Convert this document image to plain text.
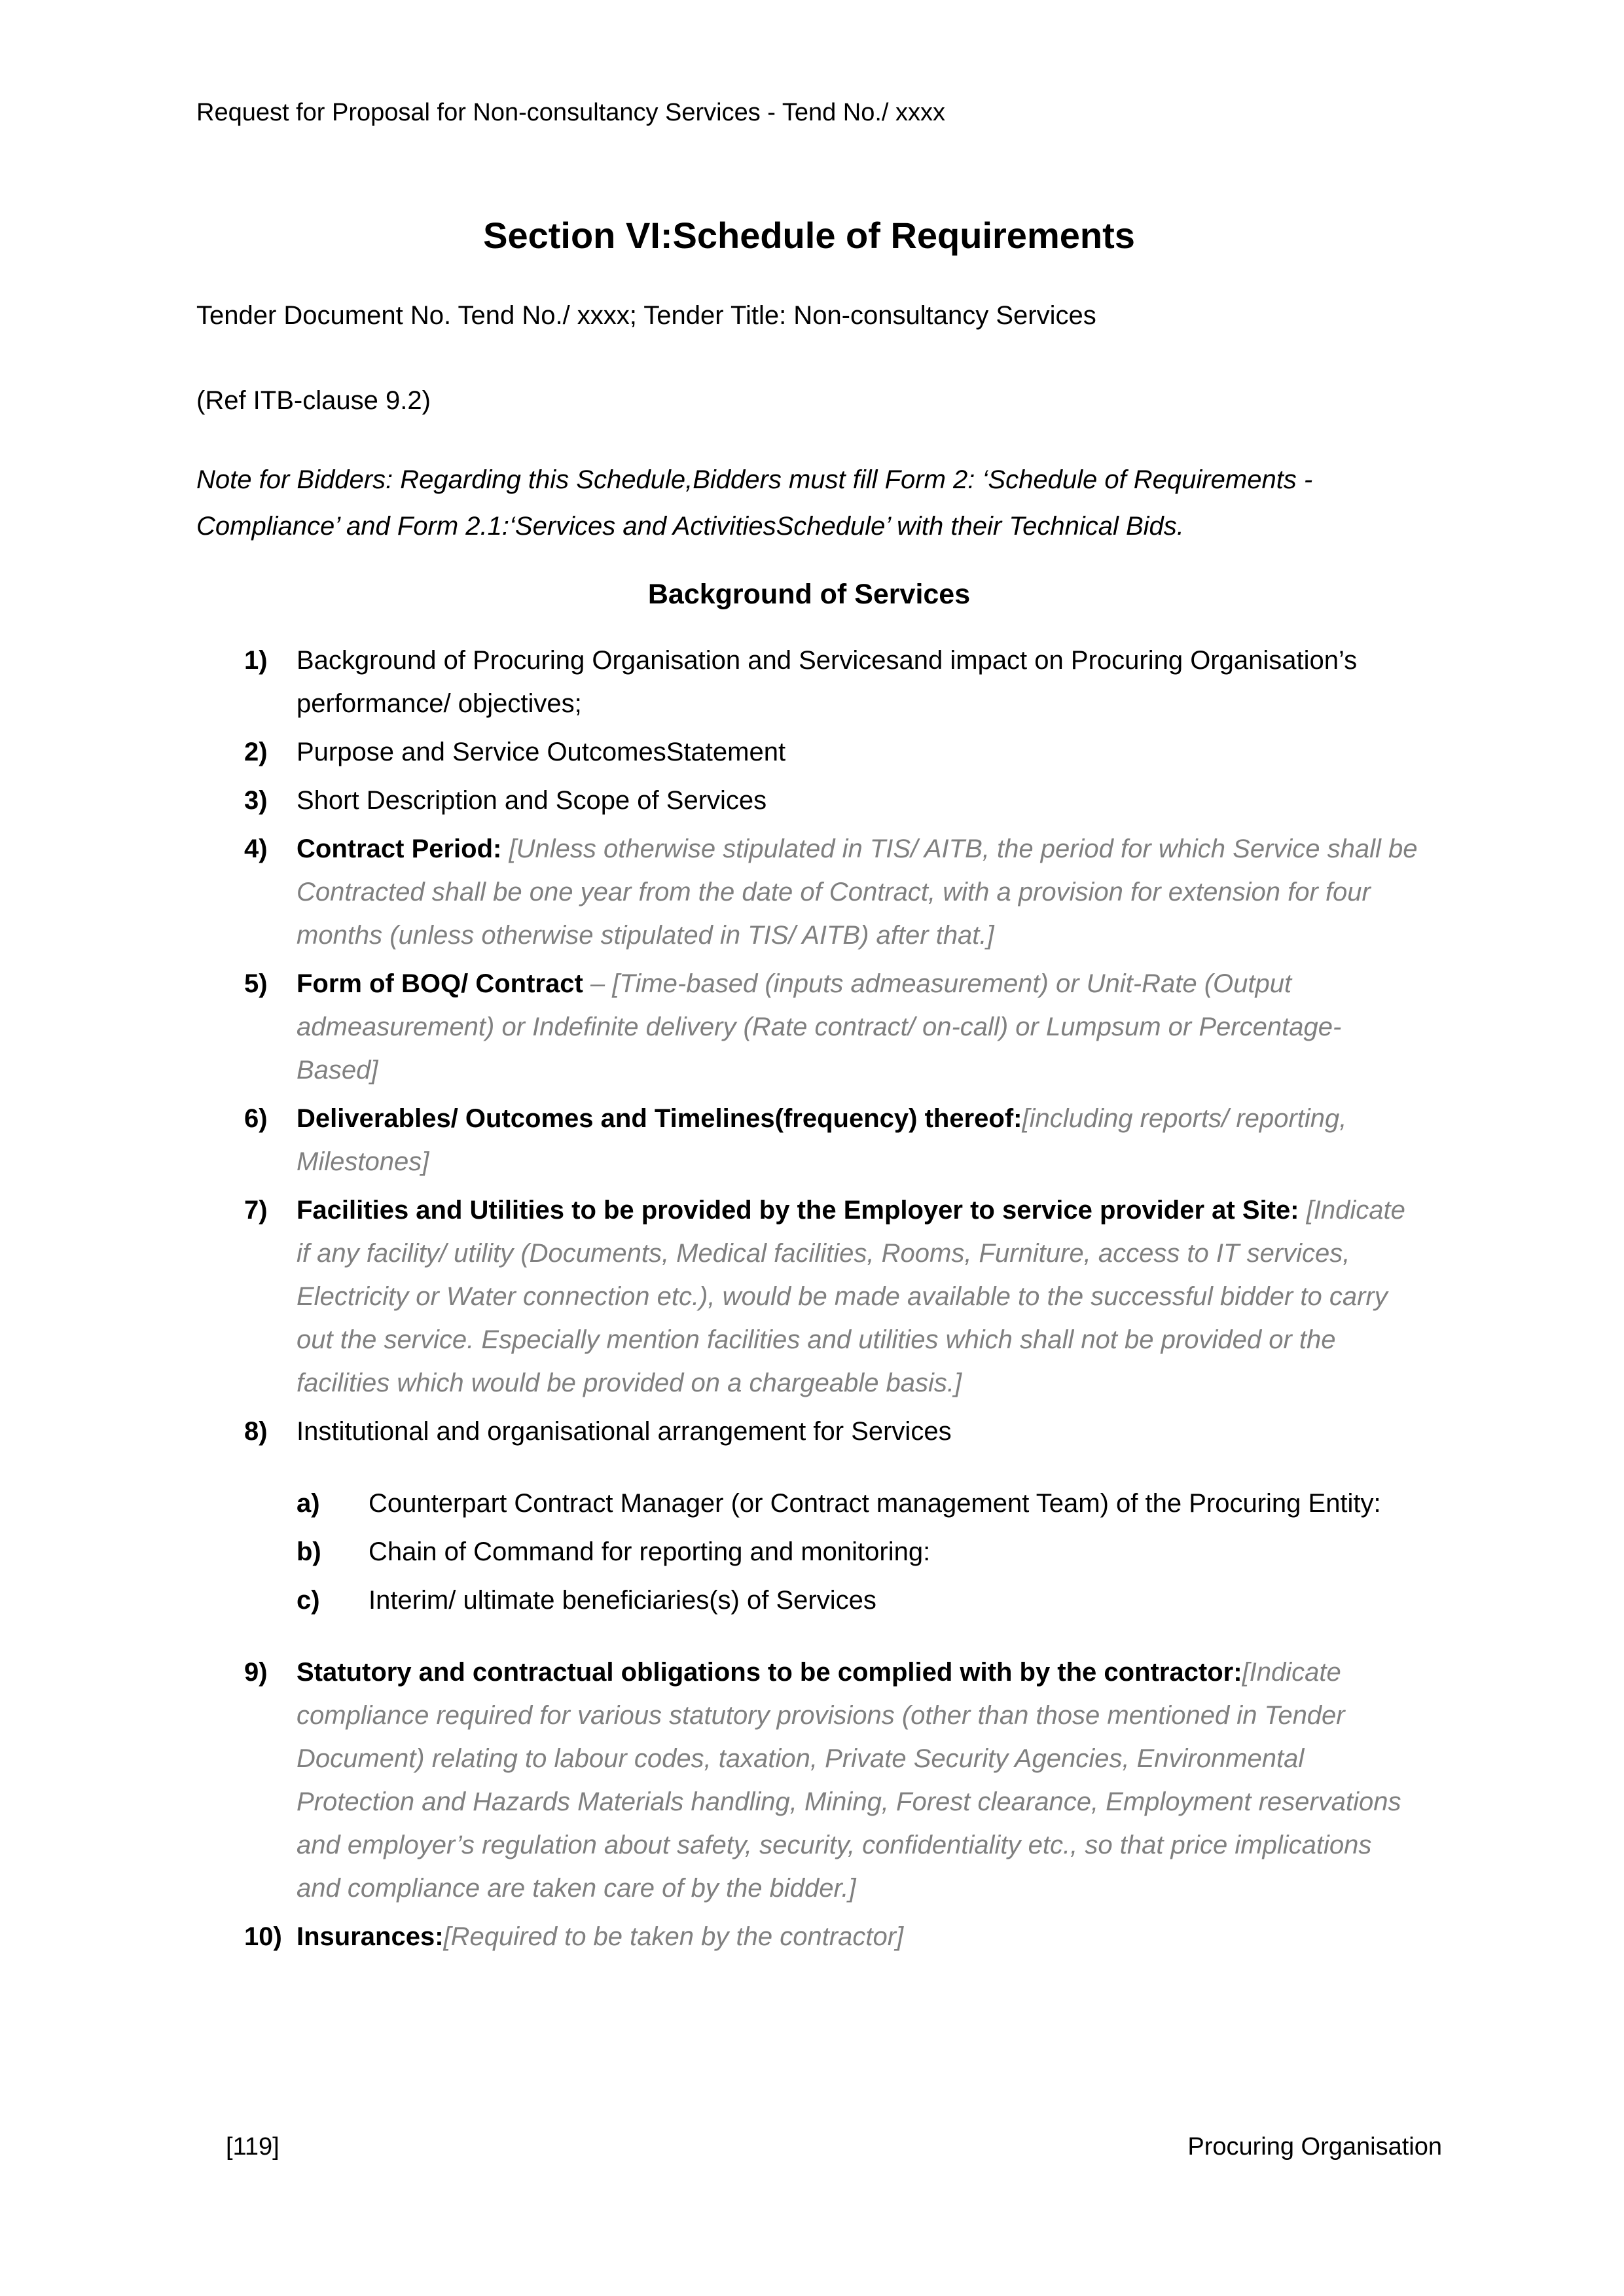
Request for Proposal for Non-consultancy Services - Tend No./ xxxx
Section VI:Schedule of Requirements

Tender Document No. Tend No./ xxxx; Tender Title: Non-consultancy Services

(Ref ITB-clause 9.2)

Note for Bidders: Regarding this Schedule,Bidders must fill Form 2: ‘Schedule of Requirements - Compliance’ and Form 2.1:‘Services and ActivitiesSchedule’ with their Technical Bids.

Background of Services
1) Background of Procuring Organisation and Servicesand impact on Procuring Organisation’s performance/ objectives;
2) Purpose and Service OutcomesStatement
3) Short Description and Scope of Services
4) Contract Period: [Unless otherwise stipulated in TIS/ AITB, the period for which Service shall be Contracted shall be one year from the date of Contract, with a provision for extension for four months (unless otherwise stipulated in TIS/ AITB) after that.]
5) Form of BOQ/ Contract – [Time-based (inputs admeasurement) or Unit-Rate (Output admeasurement) or Indefinite delivery (Rate contract/ on-call) or Lumpsum or Percentage-Based]
6) Deliverables/ Outcomes and Timelines(frequency) thereof:[including reports/ reporting, Milestones]
7) Facilities and Utilities to be provided by the Employer to service provider at Site: [Indicate if any facility/ utility (Documents, Medical facilities, Rooms, Furniture, access to IT services, Electricity or Water connection etc.), would be made available to the successful bidder to carry out the service. Especially mention facilities and utilities which shall not be provided or the facilities which would be provided on a chargeable basis.]
8) Institutional and organisational arrangement for Services
a) Counterpart Contract Manager (or Contract management Team) of the Procuring Entity:
b) Chain of Command for reporting and monitoring:
c) Interim/ ultimate beneficiaries(s) of Services
9) Statutory and contractual obligations to be complied with by the contractor:[Indicate compliance required for various statutory provisions (other than those mentioned in Tender Document) relating to labour codes, taxation, Private Security Agencies, Environmental Protection and Hazards Materials handling, Mining, Forest clearance, Employment reservations and employer’s regulation about safety, security, confidentiality etc., so that price implications and compliance are taken care of by the bidder.]
10) Insurances:[Required to be taken by the contractor]
[119]	Procuring Organisation
